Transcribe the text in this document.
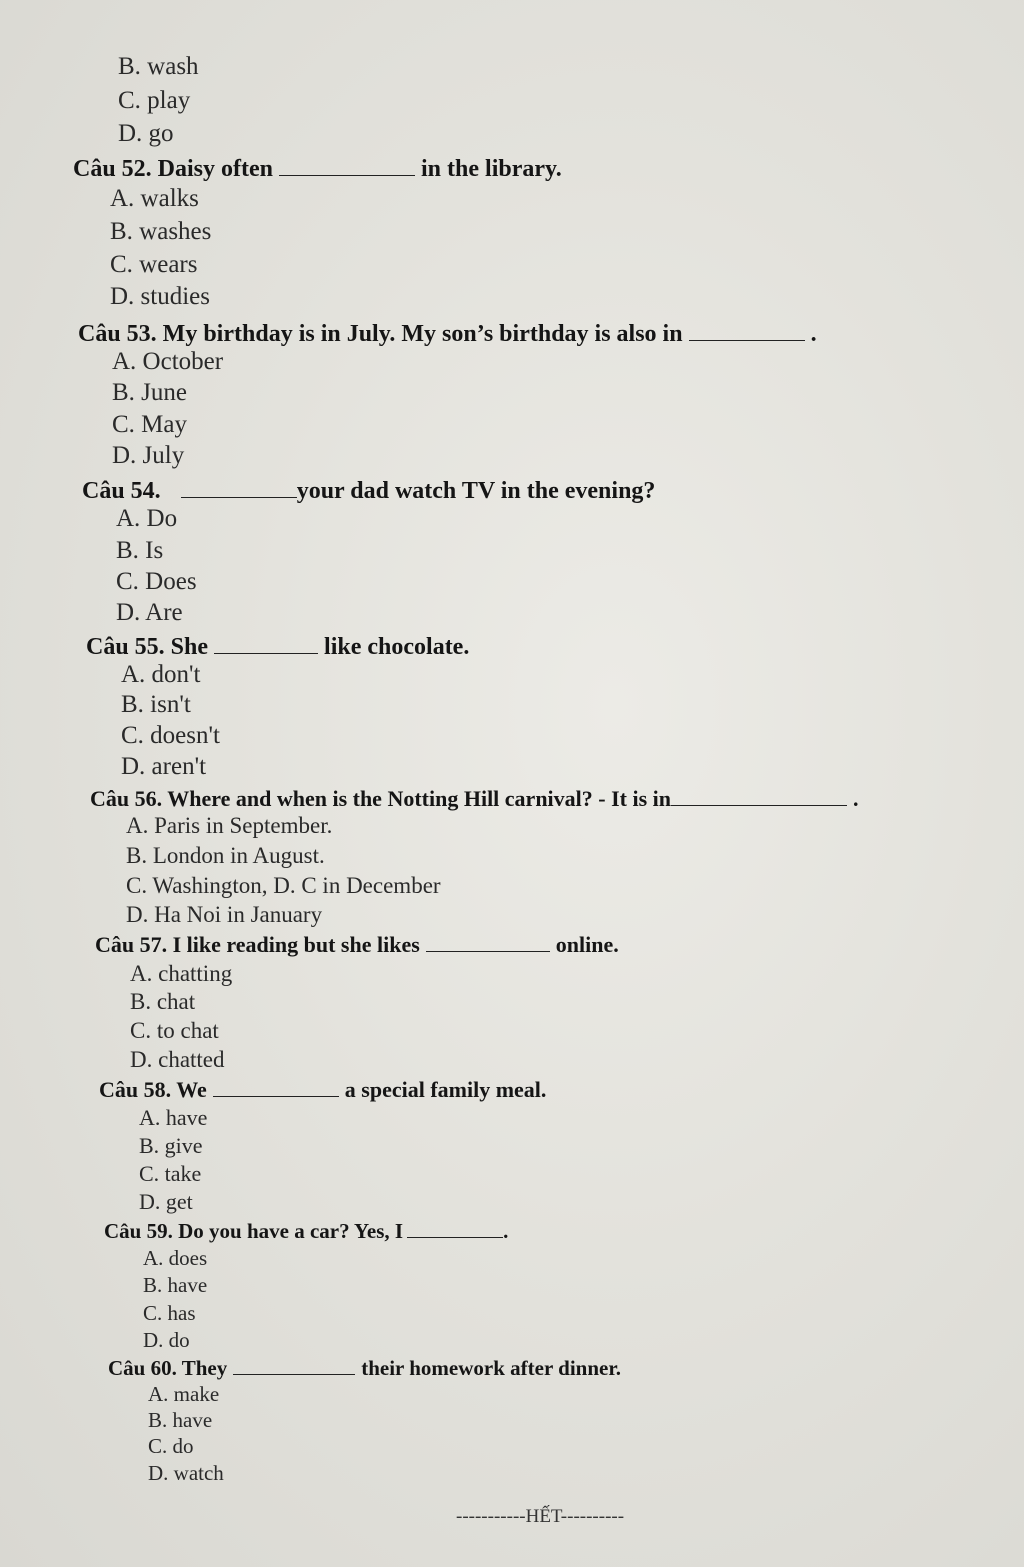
B. wash
C. play
D. go
Câu 52. Daisy often	in the library.
A. walks
B. washes
C. wears
D. studies
Câu 53. My birthday is in July. My son’s birthday is also in	.
A. October
B. June
C. May
D. July
Câu 54.	your dad watch TV in the evening?
A. Do
B. Is
C. Does
D. Are
Câu 55. She	like chocolate.
A. don't
B. isn't
C. doesn't
D. aren't
Câu 56. Where and when is the Notting Hill carnival? - It is in	.
A. Paris in September.
B. London in August.
C. Washington, D. C in December
D. Ha Noi in January
Câu 57. I like reading but she likes	online.
A. chatting
B. chat
C. to chat
D. chatted
Câu 58. We	a special family meal.
A. have
B. give
C. take
D. get
Câu 59. Do you have a car? Yes, I	.
A. does
B. have
C. has
D. do
Câu 60. They	their homework after dinner.
A. make
B. have
C. do
D. watch
-----------HẾT----------
